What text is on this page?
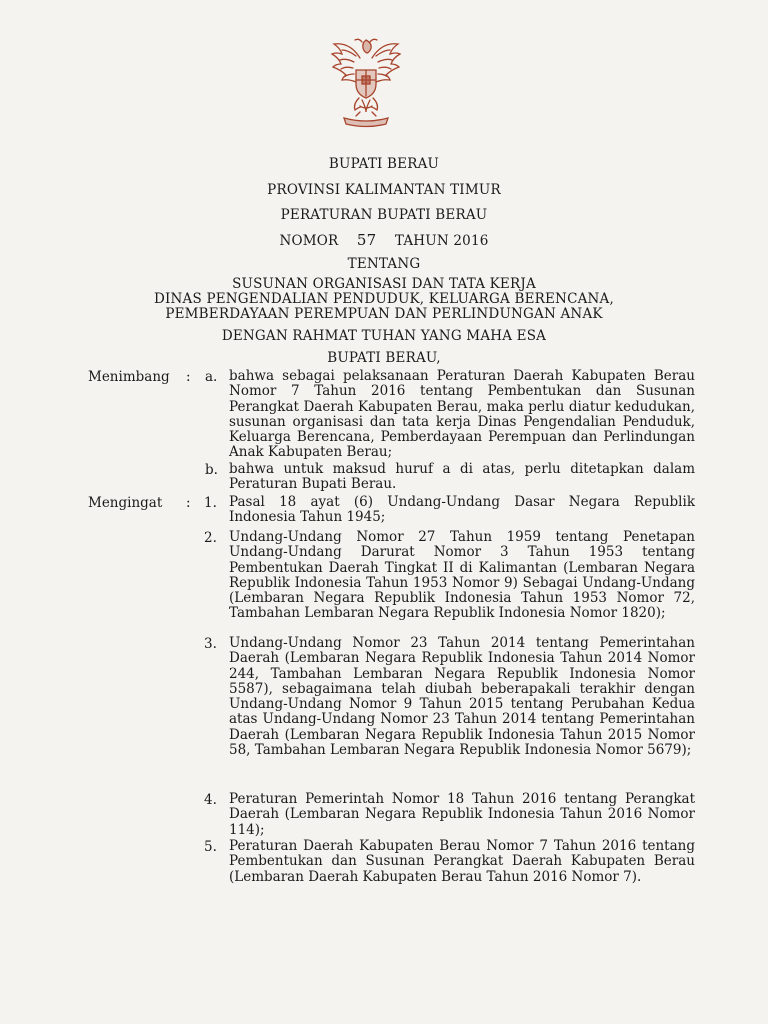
BUPATI BERAU
PROVINSI KALIMANTAN TIMUR
PERATURAN BUPATI BERAU
NOMOR 57 TAHUN 2016
TENTANG
SUSUNAN ORGANISASI DAN TATA KERJA
DINAS PENGENDALIAN PENDUDUK, KELUARGA BERENCANA,
PEMBERDAYAAN PEREMPUAN DAN PERLINDUNGAN ANAK
DENGAN RAHMAT TUHAN YANG MAHA ESA
BUPATI BERAU,
Menimbang : a. bahwa sebagai pelaksanaan Peraturan Daerah Kabupaten Berau Nomor 7 Tahun 2016 tentang Pembentukan dan Susunan Perangkat Daerah Kabupaten Berau, maka perlu diatur kedudukan, susunan organisasi dan tata kerja Dinas Pengendalian Penduduk, Keluarga Berencana, Pemberdayaan Perempuan dan Perlindungan Anak Kabupaten Berau;
b. bahwa untuk maksud huruf a di atas, perlu ditetapkan dalam Peraturan Bupati Berau.
Mengingat : 1. Pasal 18 ayat (6) Undang-Undang Dasar Negara Republik Indonesia Tahun 1945;
2. Undang-Undang Nomor 27 Tahun 1959 tentang Penetapan Undang-Undang Darurat Nomor 3 Tahun 1953 tentang Pembentukan Daerah Tingkat II di Kalimantan (Lembaran Negara Republik Indonesia Tahun 1953 Nomor 9) Sebagai Undang-Undang (Lembaran Negara Republik Indonesia Tahun 1953 Nomor 72, Tambahan Lembaran Negara Republik Indonesia Nomor 1820);
3. Undang-Undang Nomor 23 Tahun 2014 tentang Pemerintahan Daerah (Lembaran Negara Republik Indonesia Tahun 2014 Nomor 244, Tambahan Lembaran Negara Republik Indonesia Nomor 5587), sebagaimana telah diubah beberapakali terakhir dengan Undang-Undang Nomor 9 Tahun 2015 tentang Perubahan Kedua atas Undang-Undang Nomor 23 Tahun 2014 tentang Pemerintahan Daerah (Lembaran Negara Republik Indonesia Tahun 2015 Nomor 58, Tambahan Lembaran Negara Republik Indonesia Nomor 5679);
4. Peraturan Pemerintah Nomor 18 Tahun 2016 tentang Perangkat Daerah (Lembaran Negara Republik Indonesia Tahun 2016 Nomor 114);
5. Peraturan Daerah Kabupaten Berau Nomor 7 Tahun 2016 tentang Pembentukan dan Susunan Perangkat Daerah Kabupaten Berau (Lembaran Daerah Kabupaten Berau Tahun 2016 Nomor 7).
